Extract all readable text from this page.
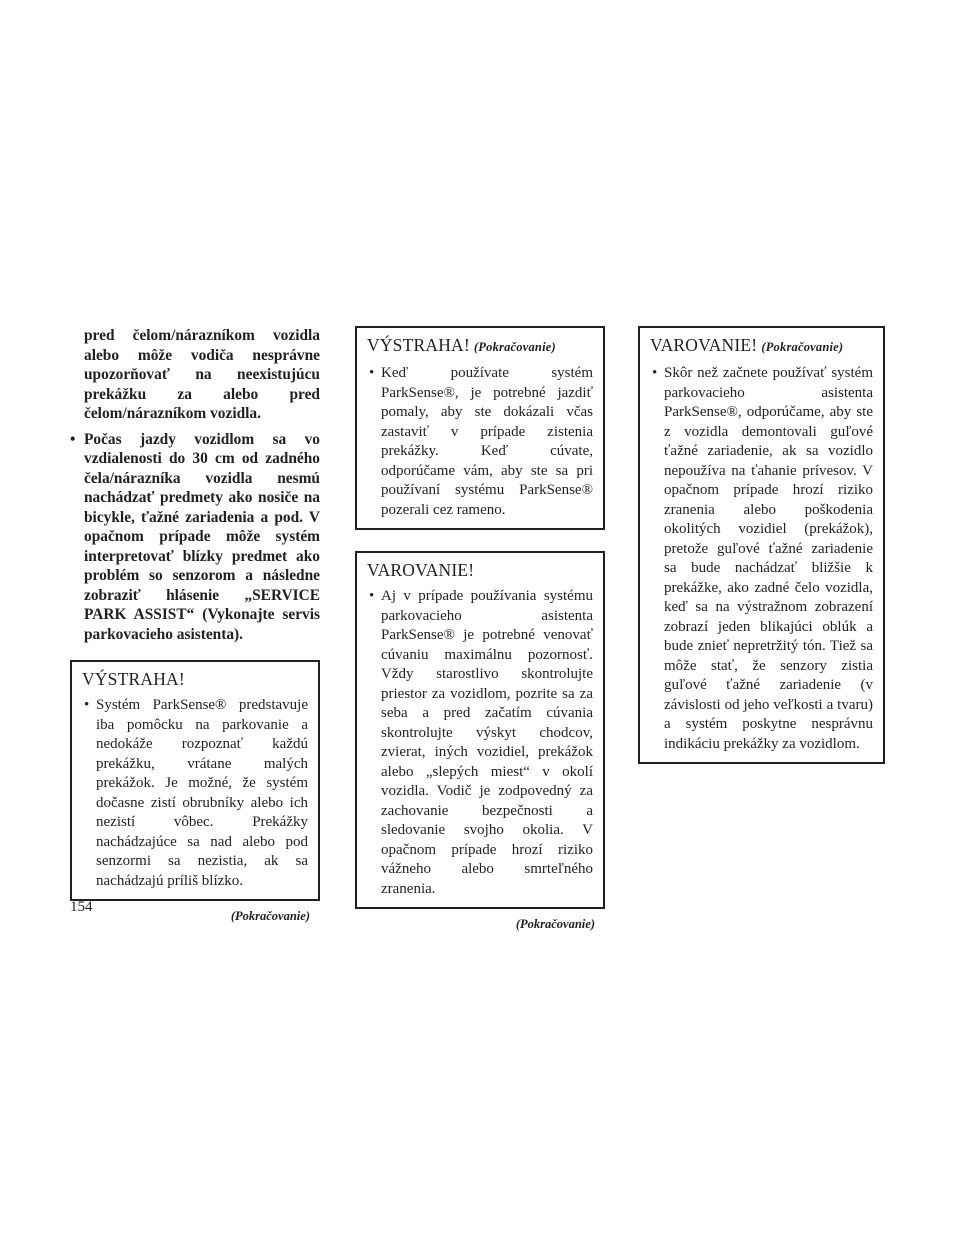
pred čelom/nárazníkom vozidla alebo môže vodiča nesprávne upozorňovať na neexistujúcu prekážku za alebo pred čelom/nárazníkom vozidla.

• Počas jazdy vozidlom sa vo vzdialenosti do 30 cm od zadného čela/nárazníka vozidla nesmú nachádzať predmety ako nosiče na bicykle, ťažné zariadenia a pod. V opačnom prípade môže systém interpretovať blízky predmet ako problém so senzorom a následne zobraziť hlásenie „SERVICE PARK ASSIST“ (Vykonajte servis parkovacieho asistenta).
VÝSTRAHA!
• Systém ParkSense® predstavuje iba pomôcku na parkovanie a nedokáže rozpoznať každú prekážku, vrátane malých prekážok. Je možné, že systém dočasne zistí obrubníky alebo ich nezistí vôbec. Prekážky nachádzajúce sa nad alebo pod senzormi sa nezistia, ak sa nachádzajú príliš blízko.
(Pokračovanie)
VÝSTRAHA! (Pokračovanie)
• Keď používate systém ParkSense®, je potrebné jazdiť pomaly, aby ste dokázali včas zastaviť v prípade zistenia prekážky. Keď cúvate, odporúčame vám, aby ste sa pri používaní systému ParkSense® pozerali cez rameno.
VAROVANIE!
• Aj v prípade používania systému parkovacieho asistenta ParkSense® je potrebné venovať cúvaniu maximálnu pozornosť. Vždy starostlivo skontrolujte priestor za vozidlom, pozrite sa za seba a pred začatím cúvania skontrolujte výskyt chodcov, zvierat, iných vozidiel, prekážok alebo „slepých miest“ v okolí vozidla. Vodič je zodpovedný za zachovanie bezpečnosti a sledovanie svojho okolia. V opačnom prípade hrozí riziko vážneho alebo smrteľného zranenia.
(Pokračovanie)
VAROVANIE! (Pokračovanie)
• Skôr než začnete používať systém parkovacieho asistenta ParkSense®, odporúčame, aby ste z vozidla demontovali guľové ťažné zariadenie, ak sa vozidlo nepoužíva na ťahanie prívesov. V opačnom prípade hrozí riziko zranenia alebo poškodenia okolitých vozidiel (prekážok), pretože guľové ťažné zariadenie sa bude nachádzať bližšie k prekážke, ako zadné čelo vozidla, keď sa na výstražnom zobrazení zobrazí jeden blikajúci oblúk a bude znieť nepretržitý tón. Tiež sa môže stať, že senzory zistia guľové ťažné zariadenie (v závislosti od jeho veľkosti a tvaru) a systém poskytne nesprávnu indikáciu prekážky za vozidlom.
154
